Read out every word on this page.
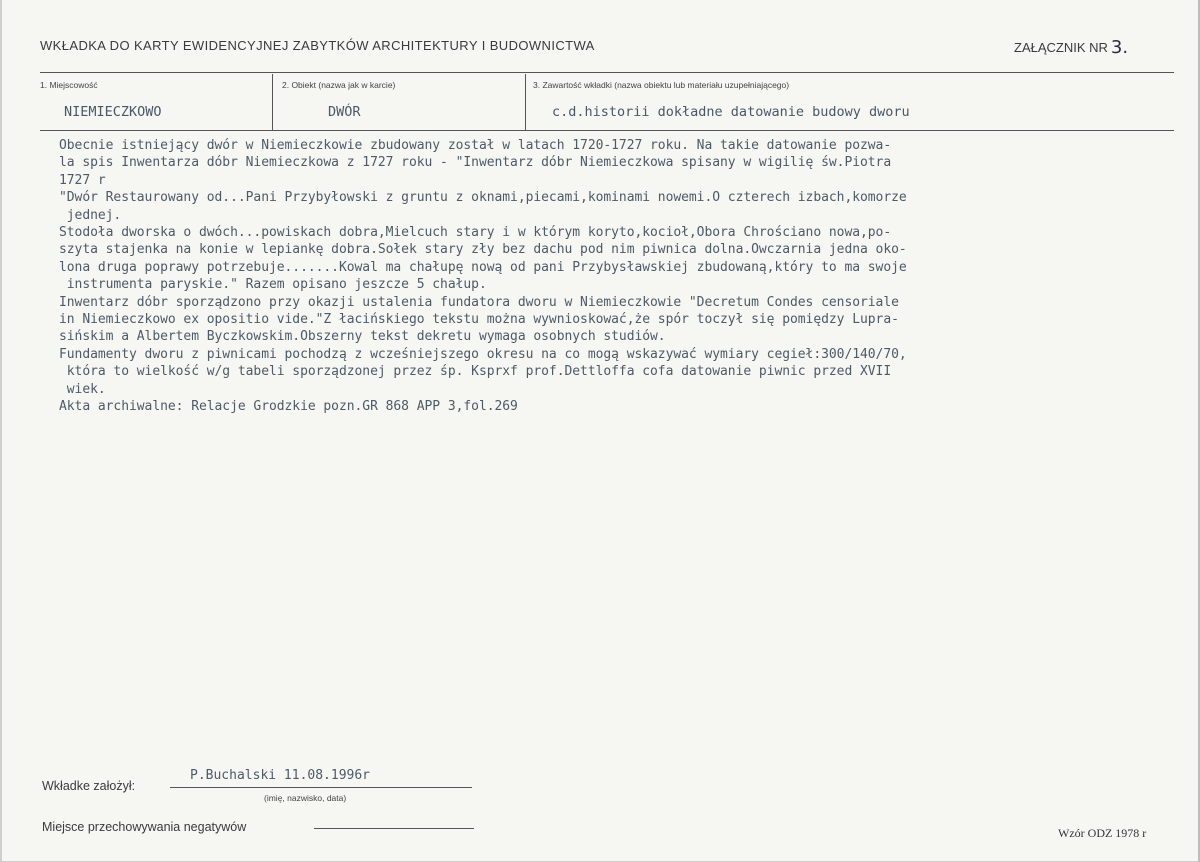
WKŁADKA DO KARTY EWIDENCYJNEJ ZABYTKÓW ARCHITEKTURY I BUDOWNICTWA	ZAŁĄCZNIK NR 3.
1. Miejscowość
NIEMIECZKOWO
2. Obiekt (nazwa jak w karcie)
DWÓR
3. Zawartość wkładki (nazwa obiektu lub materiału uzupełniającego)
c.d.historii dokładne datowanie budowy dworu
Obecnie istniejący dwór w Niemieczkowie zbudowany został w latach 1720-1727 roku. Na takie datowanie pozwa-
la spis Inwentarza dóbr Niemieczkowa z 1727 roku - "Inwentarz dóbr Niemieczkowa spisany w wigilię św.Piotra
1727 r
"Dwór Restaurowany od...Pani Przybyłowski z gruntu z oknami,piecami,kominami nowemi.O czterech izbach,komorze
jednej.
Stodoła dworska o dwóch...powiskach dobra,Mielcuch stary i w którym koryto,kocioł,Obora Chrościano nowa,po-
szyta stajenka na konie w lepiankę dobra.Sołek stary zły bez dachu pod nim piwnica dolna.Owczarnia jedna oko-
lona druga poprawy potrzebuje.......Kowal ma chałupę nową od pani Przybysławskiej zbudowaną,który to ma swoje
instrumenta paryskie." Razem opisano jeszcze 5 chałup.
Inwentarz dóbr sporządzono przy okazji ustalenia fundatora dworu w Niemieczkowie "Decretum Condes censoriale
in Niemieczkowo ex opositio vide."Z łacińskiego tekstu można wywnioskować,że spór toczył się pomiędzy Lupra-
sińskim a Albertem Byczkowskim.Obszerny tekst dekretu wymaga osobnych studiów.
Fundamenty dworu z piwnicami pochodzą z wcześniejszego okresu na co mogą wskazywać wymiary cegieł:300/140/70,
która to wielkość w/g tabeli sporządzonej przez śp. Ksprxf prof.Dettloffa cofa datowanie piwnic przed XVII
wiek.
Akta archiwalne: Relacje Grodzkie pozn.GR 868 APP 3,fol.269
Wkładke założył:
P.Buchalski 11.08.1996r
(imię, nazwisko, data)
Miejsce przechowywania negatywów	Wzór ODZ 1978 r
